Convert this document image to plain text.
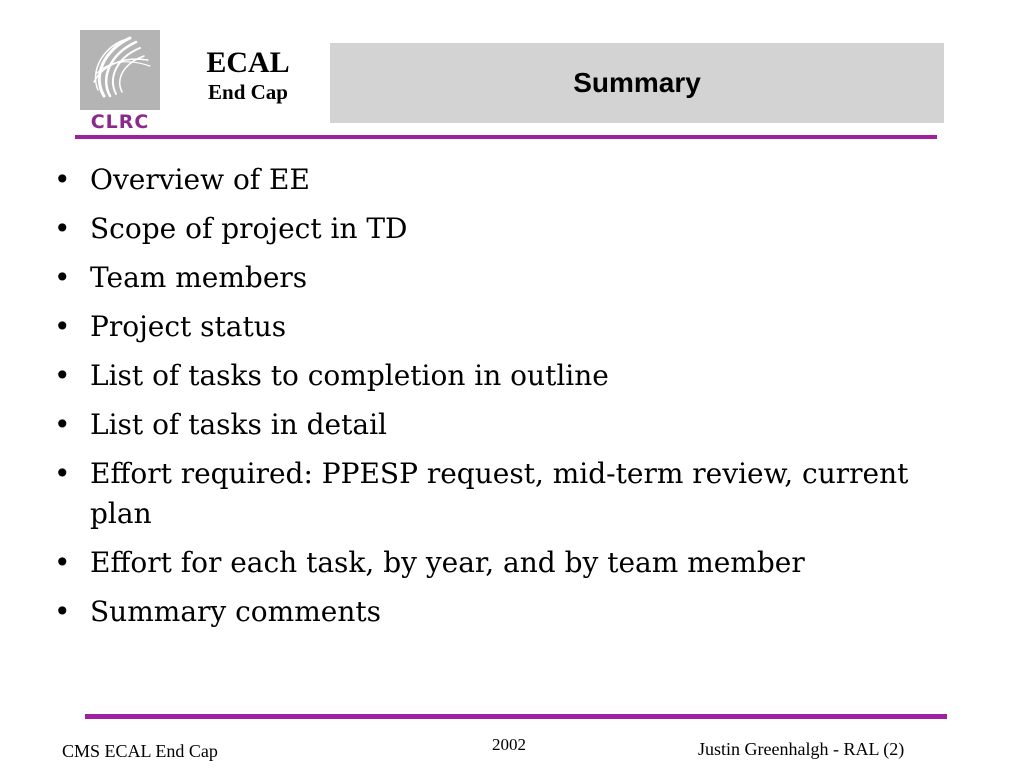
CLRC
ECAL
End Cap	Summary
• Overview of EE
• Scope of project in TD
• Team members
• Project status
• List of tasks to completion in outline
• List of tasks in detail
• Effort required: PPESP request, mid-term review, current plan
• Effort for each task, by year, and by team member
• Summary comments
CMS ECAL End Cap	2002	Justin Greenhalgh - RAL (2)
